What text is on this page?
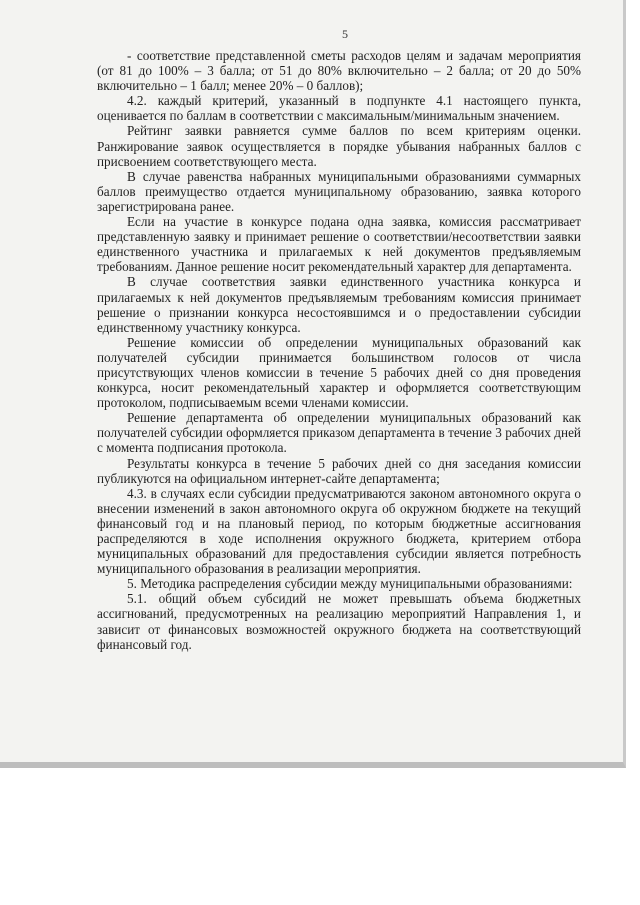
5

- соответствие представленной сметы расходов целям и задачам мероприятия (от 81 до 100% – 3 балла; от 51 до 80% включительно – 2 балла; от 20 до 50% включительно – 1 балл; менее 20% – 0 баллов);

4.2. каждый критерий, указанный в подпункте 4.1 настоящего пункта, оценивается по баллам в соответствии с максимальным/минимальным значением.

Рейтинг заявки равняется сумме баллов по всем критериям оценки. Ранжирование заявок осуществляется в порядке убывания набранных баллов с присвоением соответствующего места.

В случае равенства набранных муниципальными образованиями суммарных баллов преимущество отдается муниципальному образованию, заявка которого зарегистрирована ранее.

Если на участие в конкурсе подана одна заявка, комиссия рассматривает представленную заявку и принимает решение о соответствии/несоответствии заявки единственного участника и прилагаемых к ней документов предъявляемым требованиям. Данное решение носит рекомендательный характер для департамента.

В случае соответствия заявки единственного участника конкурса и прилагаемых к ней документов предъявляемым требованиям комиссия принимает решение о признании конкурса несостоявшимся и о предоставлении субсидии единственному участнику конкурса.

Решение комиссии об определении муниципальных образований как получателей субсидии принимается большинством голосов от числа присутствующих членов комиссии в течение 5 рабочих дней со дня проведения конкурса, носит рекомендательный характер и оформляется соответствующим протоколом, подписываемым всеми членами комиссии.

Решение департамента об определении муниципальных образований как получателей субсидии оформляется приказом департамента в течение 3 рабочих дней с момента подписания протокола.

Результаты конкурса в течение 5 рабочих дней со дня заседания комиссии публикуются на официальном интернет-сайте департамента;

4.3. в случаях если субсидии предусматриваются законом автономного округа о внесении изменений в закон автономного округа об окружном бюджете на текущий финансовый год и на плановый период, по которым бюджетные ассигнования распределяются в ходе исполнения окружного бюджета, критерием отбора муниципальных образований для предоставления субсидии является потребность муниципального образования в реализации мероприятия.

5. Методика распределения субсидии между муниципальными образованиями:

5.1. общий объем субсидий не может превышать объема бюджетных ассигнований, предусмотренных на реализацию мероприятий Направления 1, и зависит от финансовых возможностей окружного бюджета на соответствующий финансовый год.
